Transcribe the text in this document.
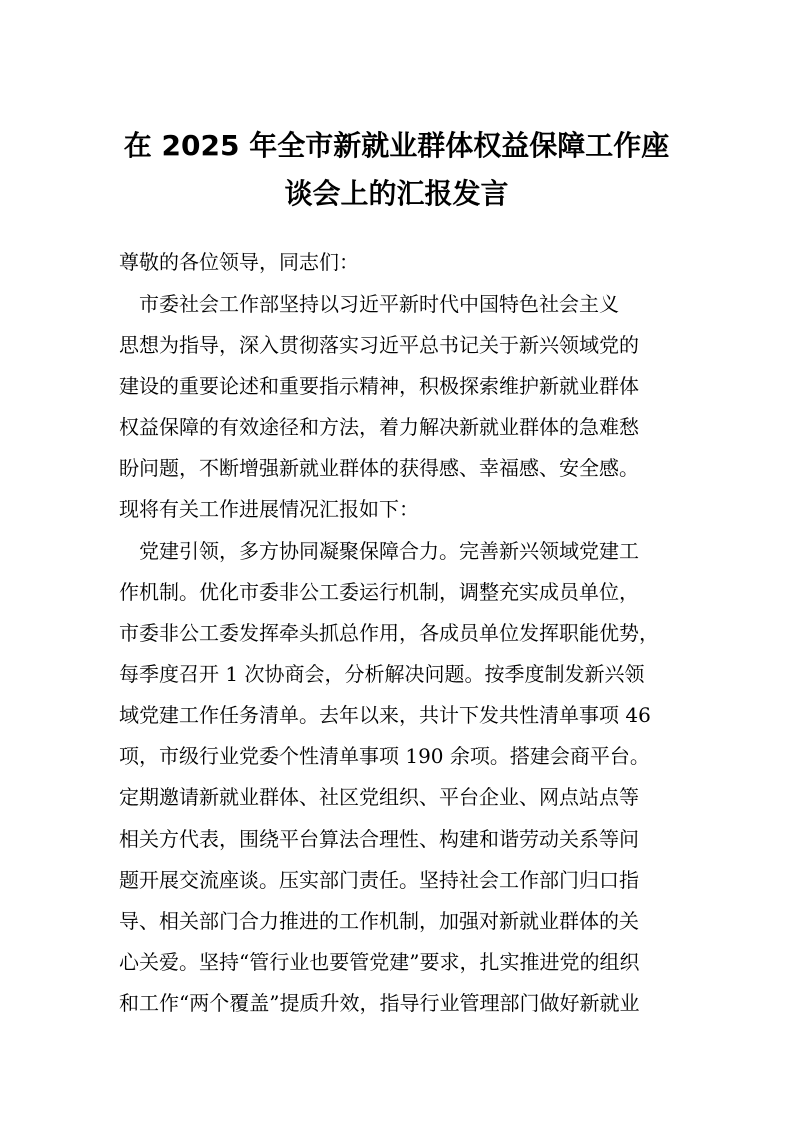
在 2025 年全市新就业群体权益保障工作座
谈会上的汇报发言
尊敬的各位领导，同志们：
　市委社会工作部坚持以习近平新时代中国特色社会主义
思想为指导，深入贯彻落实习近平总书记关于新兴领域党的
建设的重要论述和重要指示精神，积极探索维护新就业群体
权益保障的有效途径和方法，着力解决新就业群体的急难愁
盼问题，不断增强新就业群体的获得感、幸福感、安全感。
现将有关工作进展情况汇报如下：
　党建引领，多方协同凝聚保障合力。完善新兴领域党建工
作机制。优化市委非公工委运行机制，调整充实成员单位，
市委非公工委发挥牵头抓总作用，各成员单位发挥职能优势，
每季度召开 1 次协商会，分析解决问题。按季度制发新兴领
域党建工作任务清单。去年以来，共计下发共性清单事项 46
项，市级行业党委个性清单事项 190 余项。搭建会商平台。
定期邀请新就业群体、社区党组织、平台企业、网点站点等
相关方代表，围绕平台算法合理性、构建和谐劳动关系等问
题开展交流座谈。压实部门责任。坚持社会工作部门归口指
导、相关部门合力推进的工作机制，加强对新就业群体的关
心关爱。坚持“管行业也要管党建”要求，扎实推进党的组织
和工作“两个覆盖”提质升效，指导行业管理部门做好新就业
